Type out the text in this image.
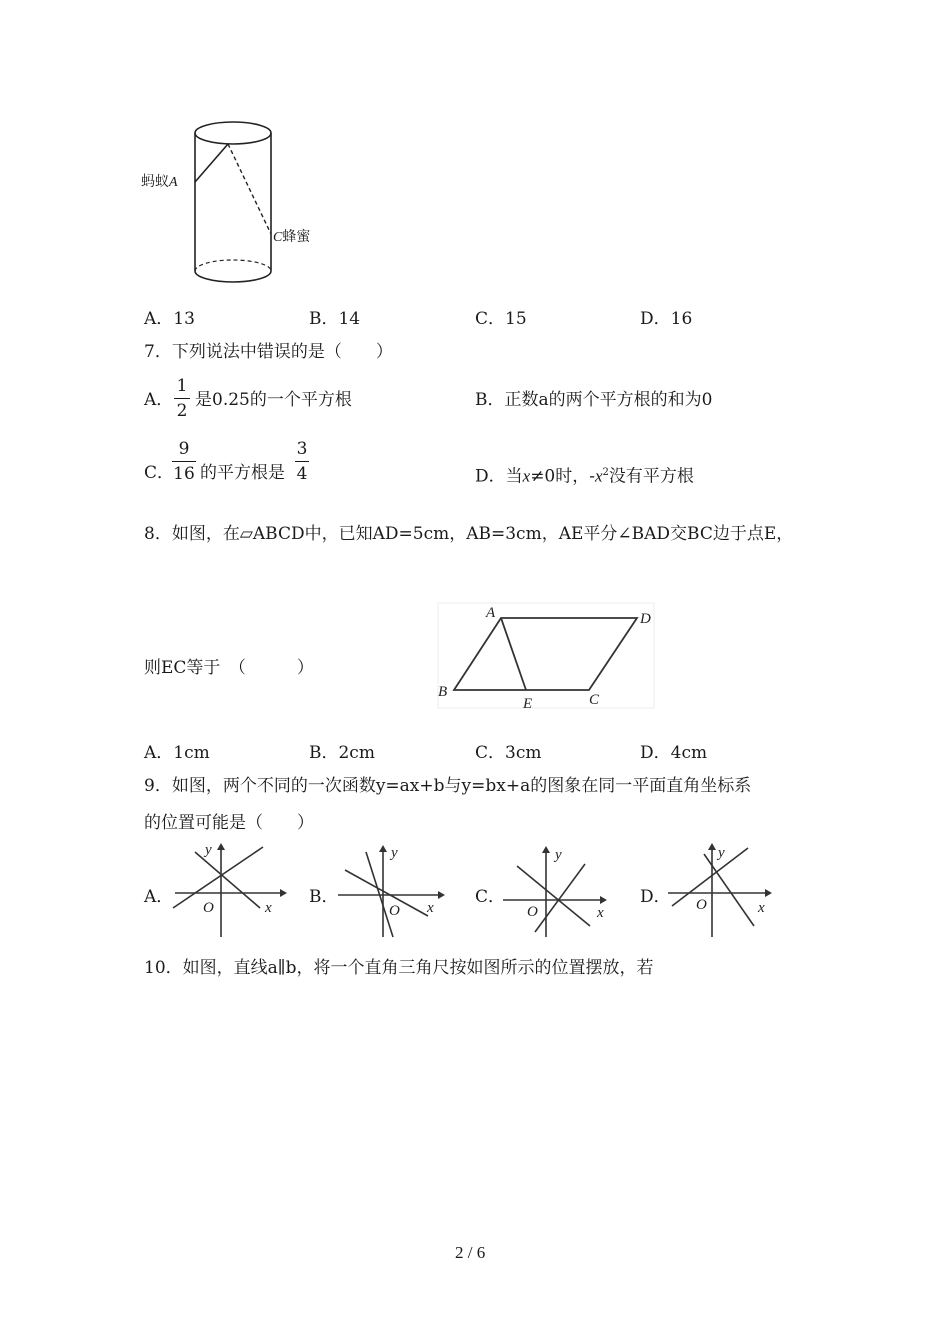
蚂蚁A
C蜂蜜
A．13	B．14	C．15	D．16
7．下列说法中错误的是（　　）
A．
1
2
是0.25的一个平方根	B．正数a的两个平方根的和为0
C．
9
16 的平方根是
3
4	D．当x≠0时，$-x^2$没有平方根
8．如图，在▱ABCD中，已知AD=5cm，AB=3cm，AE平分∠BAD交BC边于点E，
则EC等于　（　　　）
A	D
B
E	C
A．1cm	B．2cm	C．3cm	D．4cm
9．如图，两个不同的一次函数y=ax+b与y=bx+a的图象在同一平面直角坐标系
的位置可能是（　　）
A．	B．	C．	D．
y
x
O
y
x
O
y
x
O
y
x
O
10．如图，直线a∥b，将一个直角三角尺按如图所示的位置摆放，若
2 / 6
